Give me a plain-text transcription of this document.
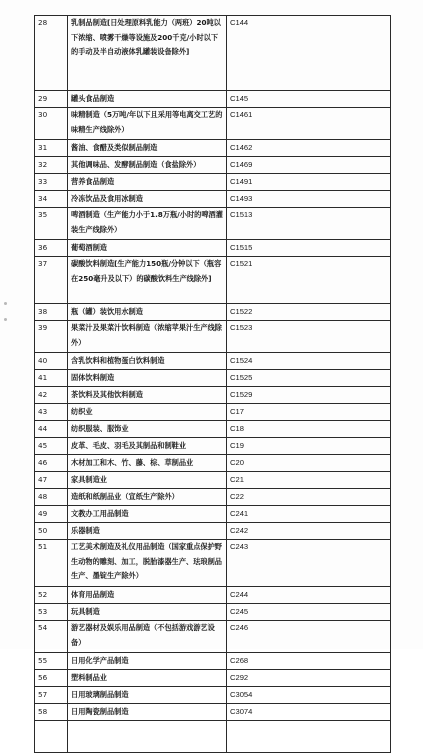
28	乳制品制造[日处理原料乳能力（两班）20吨以下浓缩、喷雾干燥等设施及200千克/小时以下的手动及半自动液体乳罐装设备除外]	C144
29	罐头食品制造	C145
30	味精制造（5万吨/年以下且采用等电离交工艺的味精生产线除外）	C1461
31	酱油、食醋及类似制品制造	C1462
32	其他调味品、发酵制品制造（食盐除外）	C1469
33	营养食品制造	C1491
34	冷冻饮品及食用冰制造	C1493
35	啤酒制造（生产能力小于1.8万瓶/小时的啤酒灌装生产线除外）	C1513
36	葡萄酒制造	C1515
37	碳酸饮料制造[生产能力150瓶/分钟以下（瓶容在250毫升及以下）的碳酸饮料生产线除外]	C1521
38	瓶（罐）装饮用水制造	C1522
39	果菜汁及果菜汁饮料制造（浓缩苹果汁生产线除外）	C1523
40	含乳饮料和植物蛋白饮料制造	C1524
41	固体饮料制造	C1525
42	茶饮料及其他饮料制造	C1529
43	纺织业	C17
44	纺织服装、服饰业	C18
45	皮革、毛皮、羽毛及其制品和制鞋业	C19
46	木材加工和木、竹、藤、棕、草制品业	C20
47	家具制造业	C21
48	造纸和纸制品业（宣纸生产除外）	C22
49	文教办工用品制造	C241
50	乐器制造	C242
51	工艺美术制造及礼仪用品制造（国家重点保护野生动物的雕刻、加工，脱胎漆器生产、珐琅制品生产、墨锭生产除外）	C243
52	体育用品制造	C244
53	玩具制造	C245
54	游艺器材及娱乐用品制造（不包括游戏游艺设备）	C246
55	日用化学产品制造	C268
56	塑料制品业	C292
57	日用玻璃制品制造	C3054
58	日用陶瓷制品制造	C3074
